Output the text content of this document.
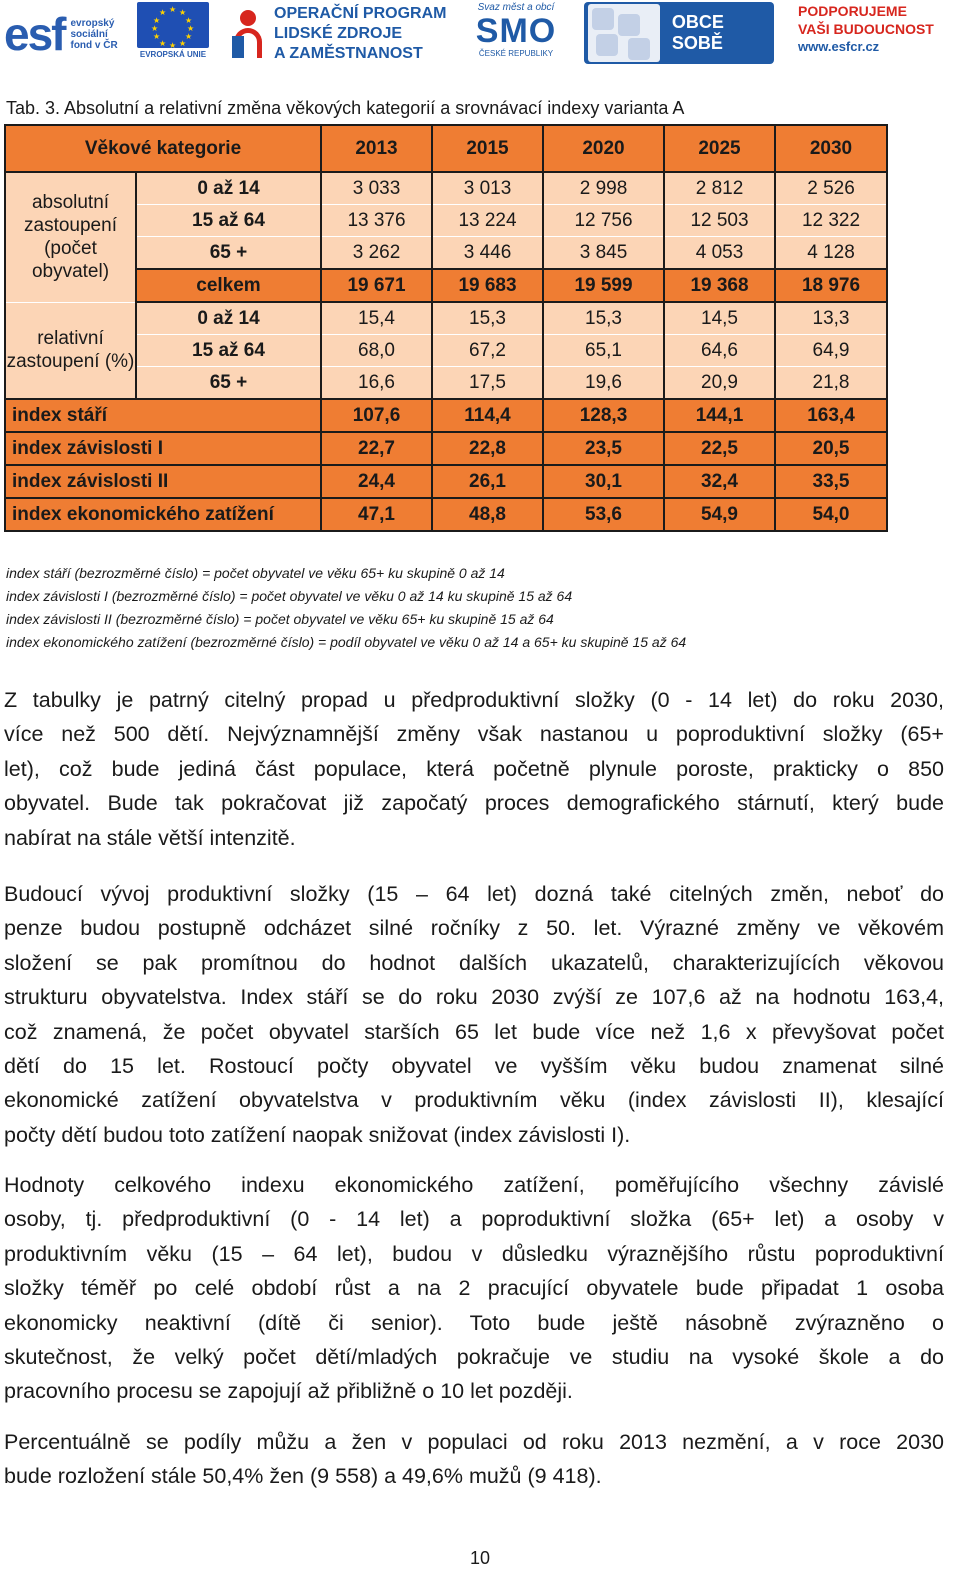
esf evropský
sociální
fond v ČR
★ ★
★
★
★
★
★
★
★
★
★
★
EVROPSKÁ UNIE
OPERAČNÍ PROGRAM
LIDSKÉ ZDROJE
A ZAMĚSTNANOST
Svaz měst a obcí
SMO
ČESKÉ REPUBLIKY
OBCE SOBĚ
PODPORUJEME
VAŠI BUDOUCNOST
www.esfcr.cz
Tab. 3. Absolutní a relativní změna věkových kategorií a srovnávací indexy varianta A
Věkové kategorie		2013	2015	2020	2025	2030
absolutní zastoupení (počet obyvatel)	0 až 14	3 033	3 013	2 998	2 812	2 526
	15 až 64	13 376	13 224	12 756	12 503	12 322
	65 +	3 262	3 446	3 845	4 053	4 128
	celkem	19 671	19 683	19 599	19 368	18 976
relativní zastoupení (%)	0 až 14	15,4	15,3	15,3	14,5	13,3
	15 až 64	68,0	67,2	65,1	64,6	64,9
	65 +	16,6	17,5	19,6	20,9	21,8
index stáří		107,6	114,4	128,3	144,1	163,4
index závislosti I		22,7	22,8	23,5	22,5	20,5
index závislosti II		24,4	26,1	30,1	32,4	33,5
index ekonomického zatížení		47,1	48,8	53,6	54,9	54,0
index stáří (bezrozměrné číslo) = počet obyvatel ve věku 65+ ku skupině 0 až 14
index závislosti I (bezrozměrné číslo) = počet obyvatel ve věku 0 až 14 ku skupině 15 až 64
index závislosti II (bezrozměrné číslo) = počet obyvatel ve věku 65+ ku skupině 15 až 64
index ekonomického zatížení (bezrozměrné číslo) = podíl obyvatel ve věku 0 až 14 a 65+ ku skupině 15 až 64
Z tabulky je patrný citelný propad u předproduktivní složky (0 - 14 let) do roku 2030,
více než 500 dětí. Nejvýznamnější změny však nastanou u poproduktivní složky (65+
let), což bude jediná část populace, která početně plynule poroste, prakticky o 850
obyvatel. Bude tak pokračovat již započatý proces demografického stárnutí, který bude
nabírat na stále větší intenzitě.
Budoucí vývoj produktivní složky (15 – 64 let) dozná také citelných změn, neboť do
penze budou postupně odcházet silné ročníky z 50. let. Výrazné změny ve věkovém
složení se pak promítnou do hodnot dalších ukazatelů, charakterizujících věkovou
strukturu obyvatelstva. Index stáří se do roku 2030 zvýší ze 107,6 až na hodnotu 163,4,
což znamená, že počet obyvatel starších 65 let bude více než 1,6 x převyšovat počet
dětí do 15 let. Rostoucí počty obyvatel ve vyšším věku budou znamenat silné
ekonomické zatížení obyvatelstva v produktivním věku (index závislosti II), klesající
počty dětí budou toto zatížení naopak snižovat (index závislosti I).
Hodnoty celkového indexu ekonomického zatížení, poměřujícího všechny závislé
osoby, tj. předproduktivní (0 - 14 let) a poproduktivní složka (65+ let) a osoby v
produktivním věku (15 – 64 let), budou v důsledku výraznějšího růstu poproduktivní
složky téměř po celé období růst a na 2 pracující obyvatele bude připadat 1 osoba
ekonomicky neaktivní (dítě či senior). Toto bude ještě násobně zvýrazněno o
skutečnost, že velký počet dětí/mladých pokračuje ve studiu na vysoké škole a do
pracovního procesu se zapojují až přibližně o 10 let později.
Percentuálně se podíly můžu a žen v populaci od roku 2013 nezmění, a v roce 2030
bude rozložení stále 50,4% žen (9 558) a 49,6% mužů (9 418).
10
